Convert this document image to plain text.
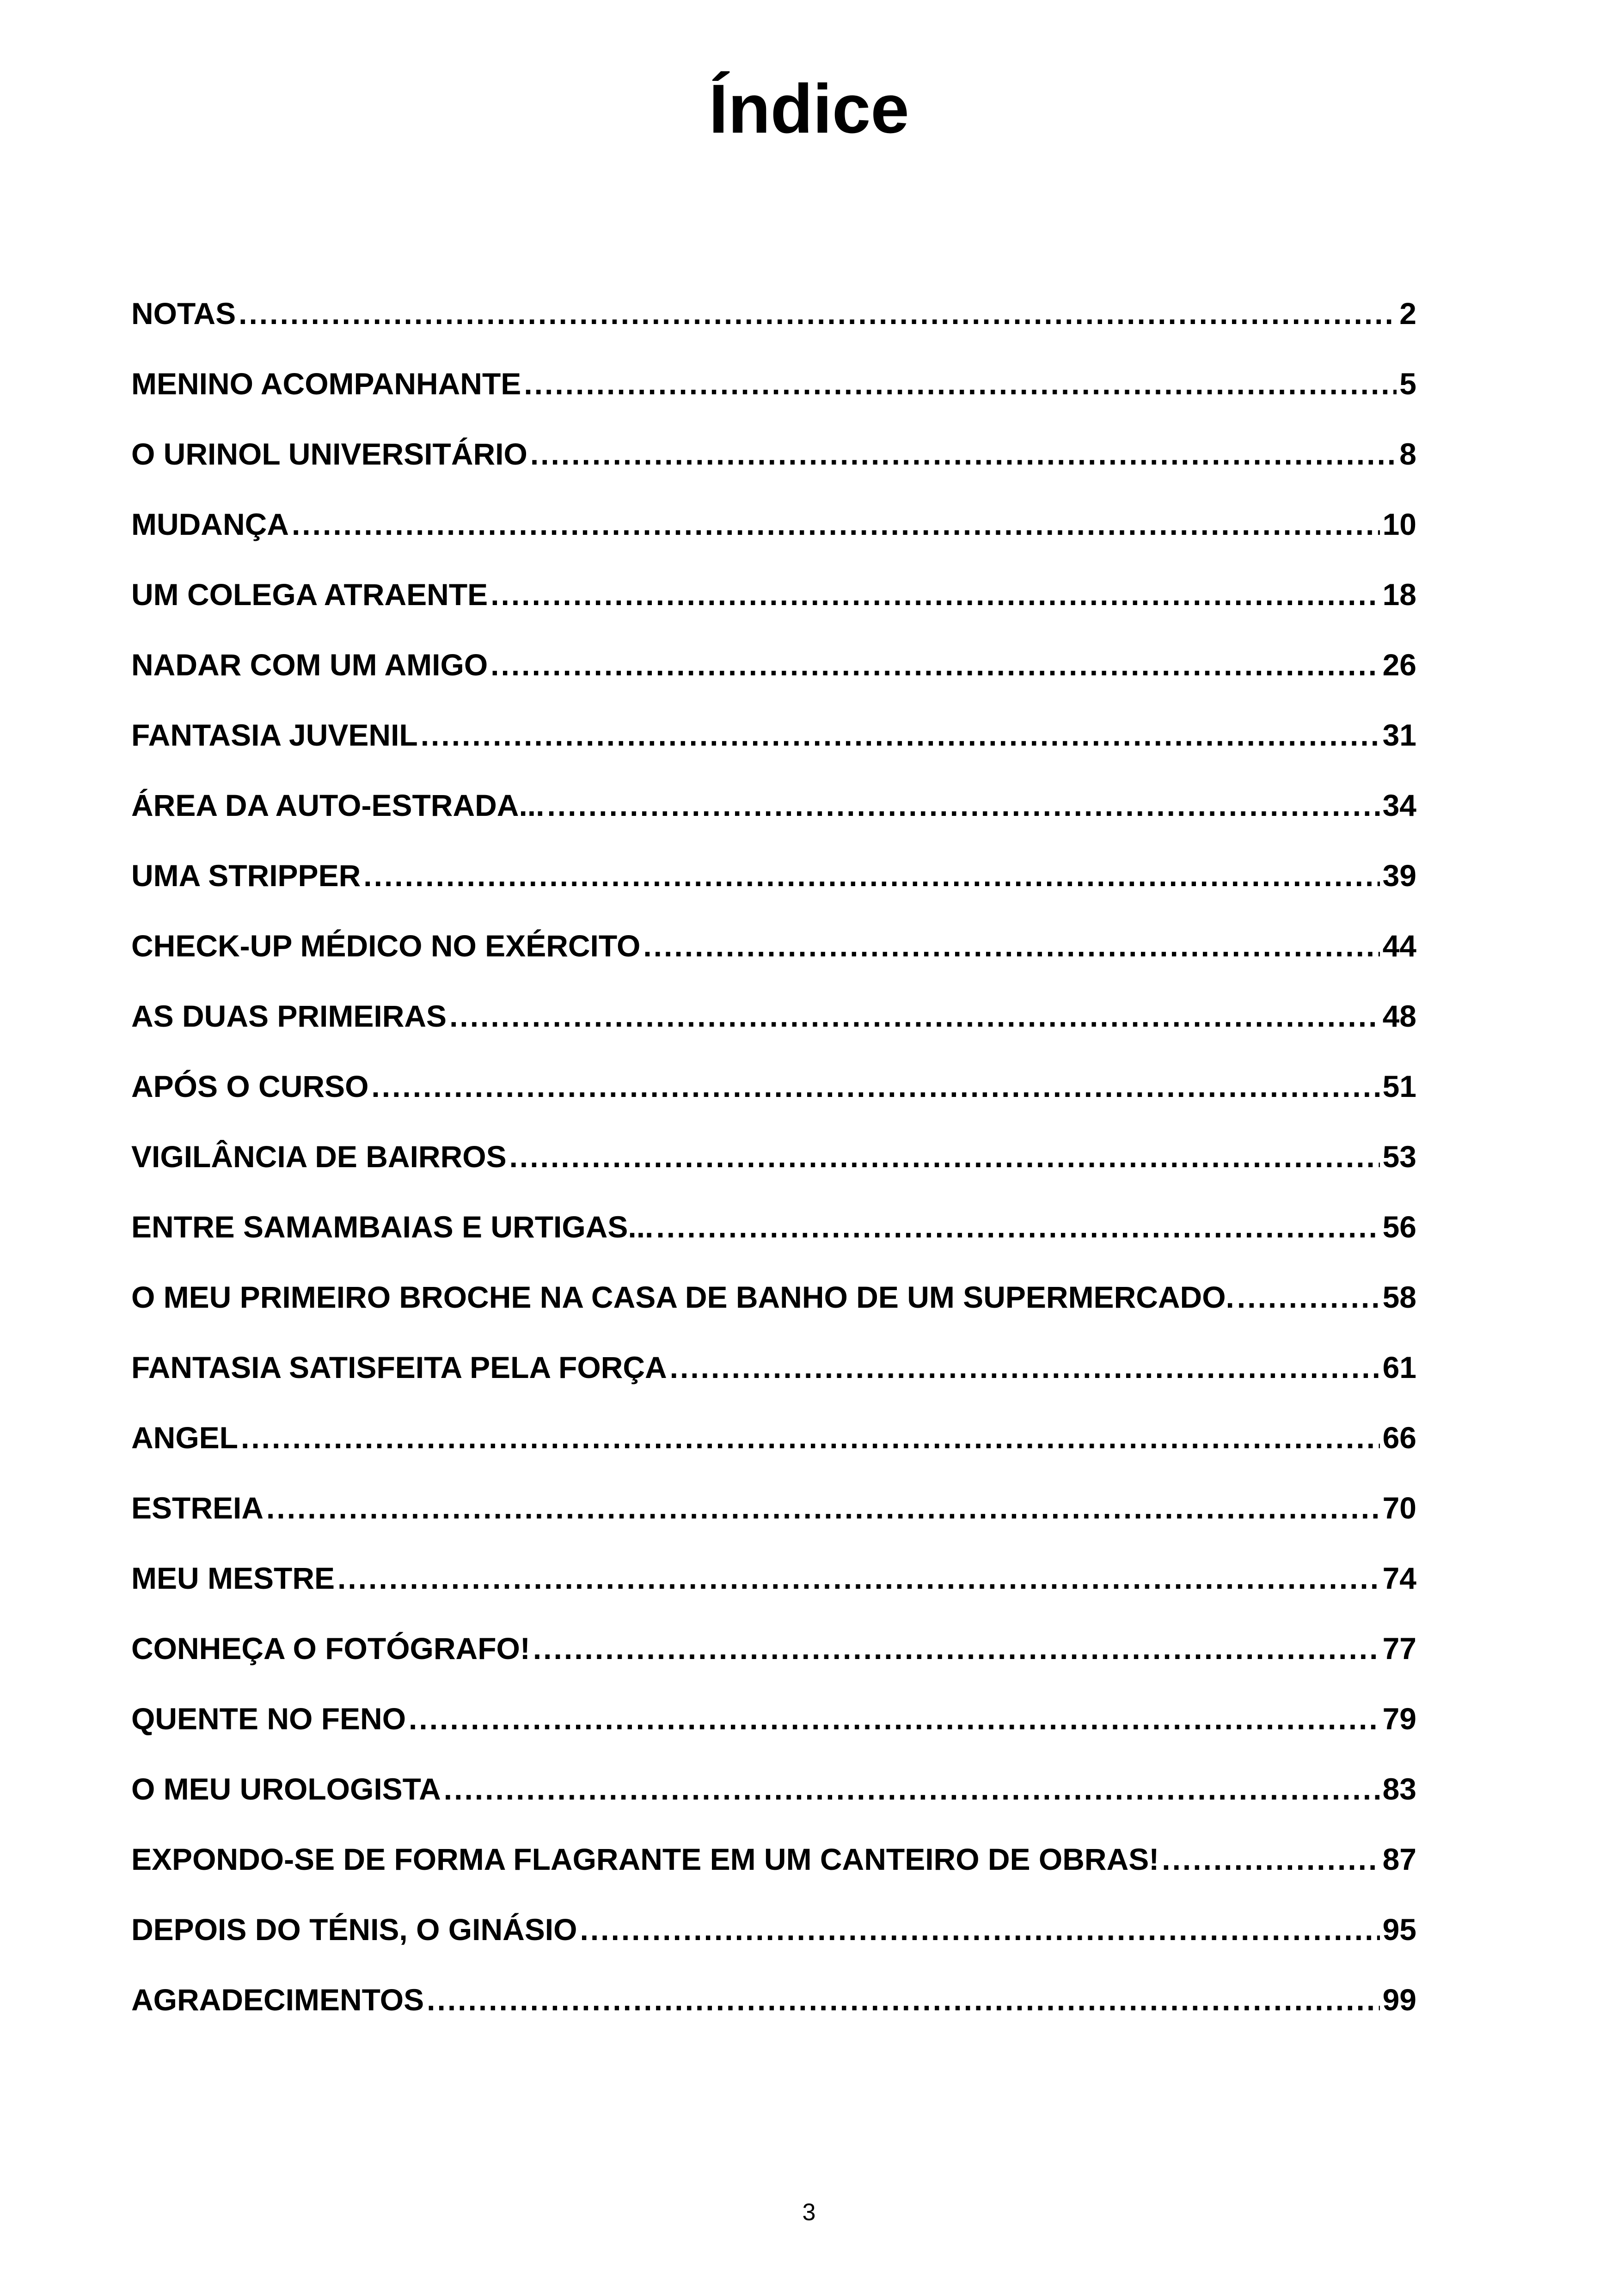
Índice
NOTAS .....	2
MENINO ACOMPANHANTE .....	5
O URINOL UNIVERSITÁRIO .....	8
MUDANÇA .....	10
UM COLEGA ATRAENTE .....	18
NADAR COM UM AMIGO .....	26
FANTASIA JUVENIL .....	31
ÁREA DA AUTO-ESTRADA... .....	34
UMA STRIPPER .....	39
CHECK-UP MÉDICO NO EXÉRCITO .....	44
AS DUAS PRIMEIRAS .....	48
APÓS O CURSO .....	51
VIGILÂNCIA DE BAIRROS .....	53
ENTRE SAMAMBAIAS E URTIGAS... .....	56
O MEU PRIMEIRO BROCHE NA CASA DE BANHO DE UM SUPERMERCADO. .....	58
FANTASIA SATISFEITA PELA FORÇA .....	61
ANGEL .....	66
ESTREIA .....	70
MEU MESTRE .....	74
CONHEÇA O FOTÓGRAFO! .....	77
QUENTE NO FENO .....	79
O MEU UROLOGISTA .....	83
EXPONDO-SE DE FORMA FLAGRANTE EM UM CANTEIRO DE OBRAS! .....	87
DEPOIS DO TÉNIS, O GINÁSIO .....	95
AGRADECIMENTOS .....	99
3
